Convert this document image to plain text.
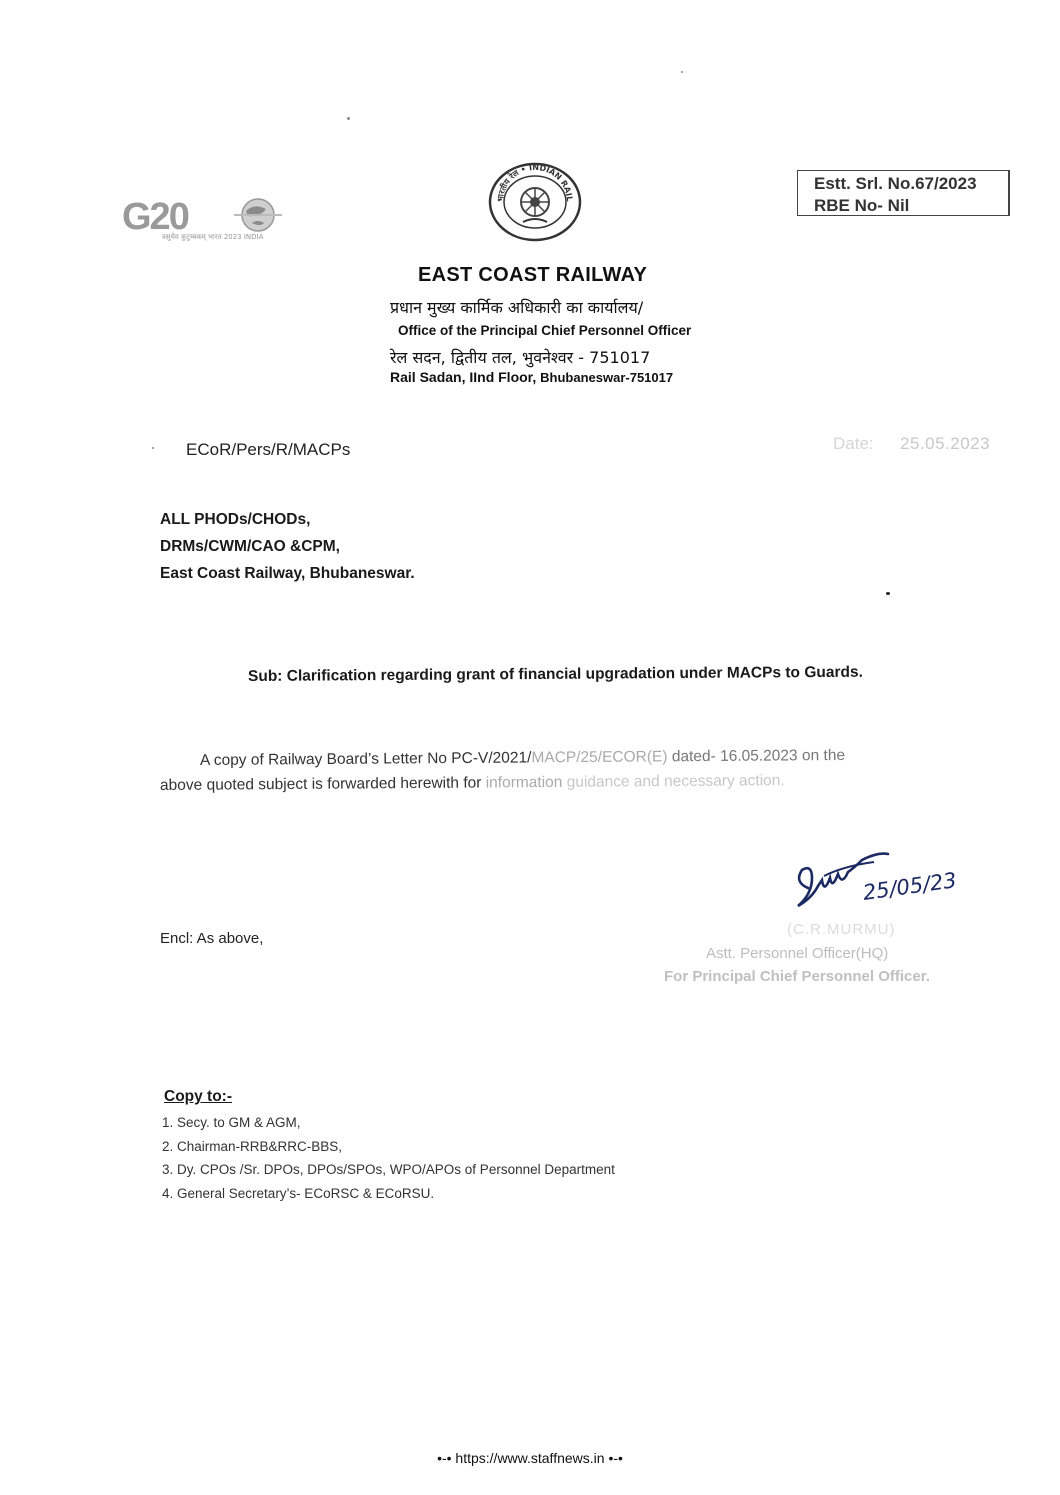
G20
वसुधैव कुटुम्बकम् भारत 2023 INDIA
भारतीय रेल • INDIAN RAIL
Estt. Srl. No.67/2023
RBE No- Nil
EAST COAST RAILWAY
प्रधान मुख्य कार्मिक अधिकारी का कार्यालय/
Office of the Principal Chief Personnel Officer
रेल सदन, द्वितीय तल, भुवनेश्वर - 751017
Rail Sadan, IInd Floor, Bhubaneswar-751017
ECoR/Pers/R/MACPs	Date: 25.05.2023
ALL PHODs/CHODs,
DRMs/CWM/CAO &CPM,
East Coast Railway, Bhubaneswar.
Sub: Clarification regarding grant of financial upgradation under MACPs to Guards.
A copy of Railway Board’s Letter No PC-V/2021/MACP/25/ECOR(E) dated- 16.05.2023 on the
above quoted subject is forwarded herewith for information guidance and necessary action.
Encl: As above,
25/05/23
(C.R.MURMU)
Astt. Personnel Officer(HQ)
For Principal Chief Personnel Officer.
Copy to:-
1. Secy. to GM & AGM,
2. Chairman-RRB&RRC-BBS,
3. Dy. CPOs /Sr. DPOs, DPOs/SPOs, WPO/APOs of Personnel Department
4. General Secretary’s- ECoRSC & ECoRSU.
•-• https://www.staffnews.in •-•
